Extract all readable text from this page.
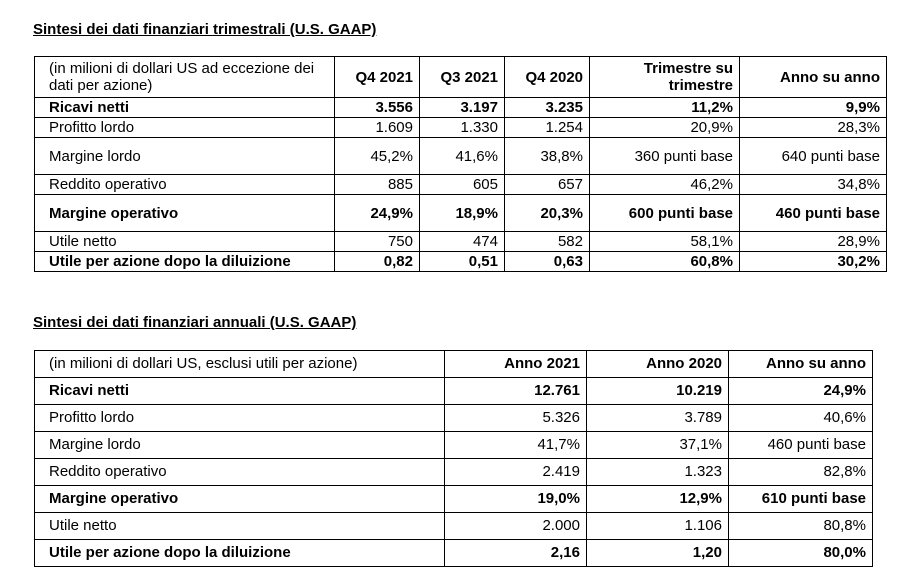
Sintesi dei dati finanziari trimestrali (U.S. GAAP)
(in milioni di dollari US ad eccezione dei dati per azione)	Q4 2021	Q3 2021	Q4 2020	Trimestre su trimestre	Anno su anno
Ricavi netti	3.556	3.197	3.235	11,2%	9,9%
Profitto lordo	1.609	1.330	1.254	20,9%	28,3%
Margine lordo	45,2%	41,6%	38,8%	360 punti base	640 punti base
Reddito operativo	885	605	657	46,2%	34,8%
Margine operativo	24,9%	18,9%	20,3%	600 punti base	460 punti base
Utile netto	750	474	582	58,1%	28,9%
Utile per azione dopo la diluizione	0,82	0,51	0,63	60,8%	30,2%
Sintesi dei dati finanziari annuali (U.S. GAAP)
(in milioni di dollari US, esclusi utili per azione)	Anno 2021	Anno 2020	Anno su anno
Ricavi netti	12.761	10.219	24,9%
Profitto lordo	5.326	3.789	40,6%
Margine lordo	41,7%	37,1%	460 punti base
Reddito operativo	2.419	1.323	82,8%
Margine operativo	19,0%	12,9%	610 punti base
Utile netto	2.000	1.106	80,8%
Utile per azione dopo la diluizione	2,16	1,20	80,0%
